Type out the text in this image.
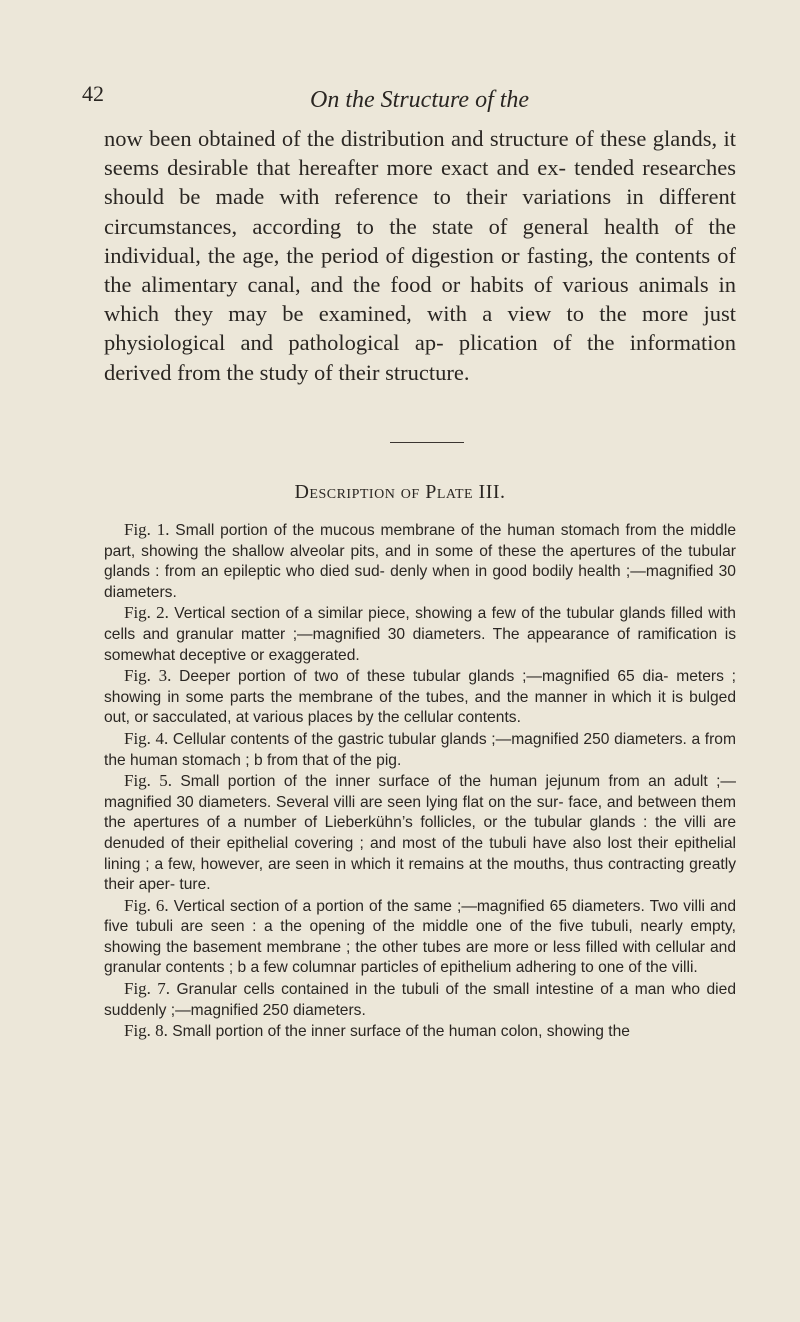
42	On the Structure of the

now been obtained of the distribution and structure of these glands, it seems desirable that hereafter more exact and ex- tended researches should be made with reference to their variations in different circumstances, according to the state of general health of the individual, the age, the period of digestion or fasting, the contents of the alimentary canal, and the food or habits of various animals in which they may be examined, with a view to the more just physiological and pathological ap- plication of the information derived from the study of their structure.

Description of Plate III.
Fig. 1. Small portion of the mucous membrane of the human stomach from the middle part, showing the shallow alveolar pits, and in some of these the apertures of the tubular glands : from an epileptic who died sud- denly when in good bodily health ;—magnified 30 diameters.
Fig. 2. Vertical section of a similar piece, showing a few of the tubular glands filled with cells and granular matter ;—magnified 30 diameters. The appearance of ramification is somewhat deceptive or exaggerated.
Fig. 3. Deeper portion of two of these tubular glands ;—magnified 65 dia- meters ; showing in some parts the membrane of the tubes, and the manner in which it is bulged out, or sacculated, at various places by the cellular contents.
Fig. 4. Cellular contents of the gastric tubular glands ;—magnified 250 diameters. a from the human stomach ; b from that of the pig.
Fig. 5. Small portion of the inner surface of the human jejunum from an adult ;—magnified 30 diameters. Several villi are seen lying flat on the sur- face, and between them the apertures of a number of Lieberkühn’s follicles, or the tubular glands : the villi are denuded of their epithelial covering ; and most of the tubuli have also lost their epithelial lining ; a few, however, are seen in which it remains at the mouths, thus contracting greatly their aper- ture.
Fig. 6. Vertical section of a portion of the same ;—magnified 65 diameters. Two villi and five tubuli are seen : a the opening of the middle one of the five tubuli, nearly empty, showing the basement membrane ; the other tubes are more or less filled with cellular and granular contents ; b a few columnar particles of epithelium adhering to one of the villi.
Fig. 7. Granular cells contained in the tubuli of the small intestine of a man who died suddenly ;—magnified 250 diameters.
Fig. 8. Small portion of the inner surface of the human colon, showing the
